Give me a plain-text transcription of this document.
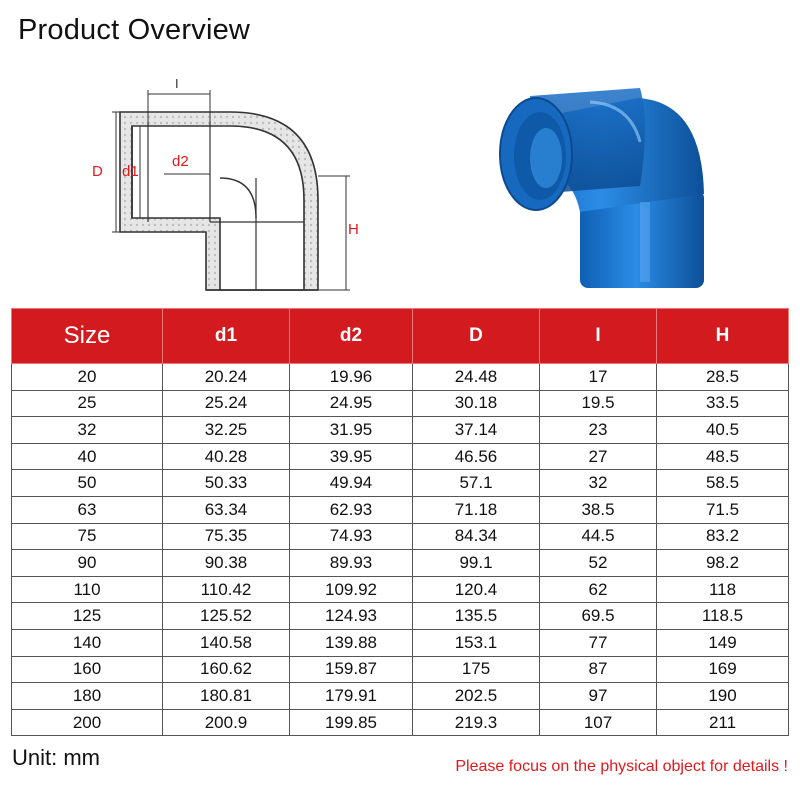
Product Overview
I
D d1
d2
H
Size	d1	d2	D	I	H
20	20.24	19.96	24.48	17	28.5
25	25.24	24.95	30.18	19.5	33.5
32	32.25	31.95	37.14	23	40.5
40	40.28	39.95	46.56	27	48.5
50	50.33	49.94	57.1	32	58.5
63	63.34	62.93	71.18	38.5	71.5
75	75.35	74.93	84.34	44.5	83.2
90	90.38	89.93	99.1	52	98.2
110	110.42	109.92	120.4	62	118
125	125.52	124.93	135.5	69.5	118.5
140	140.58	139.88	153.1	77	149
160	160.62	159.87	175	87	169
180	180.81	179.91	202.5	97	190
200	200.9	199.85	219.3	107	211
Unit: mm	Please focus on the physical object for details !
